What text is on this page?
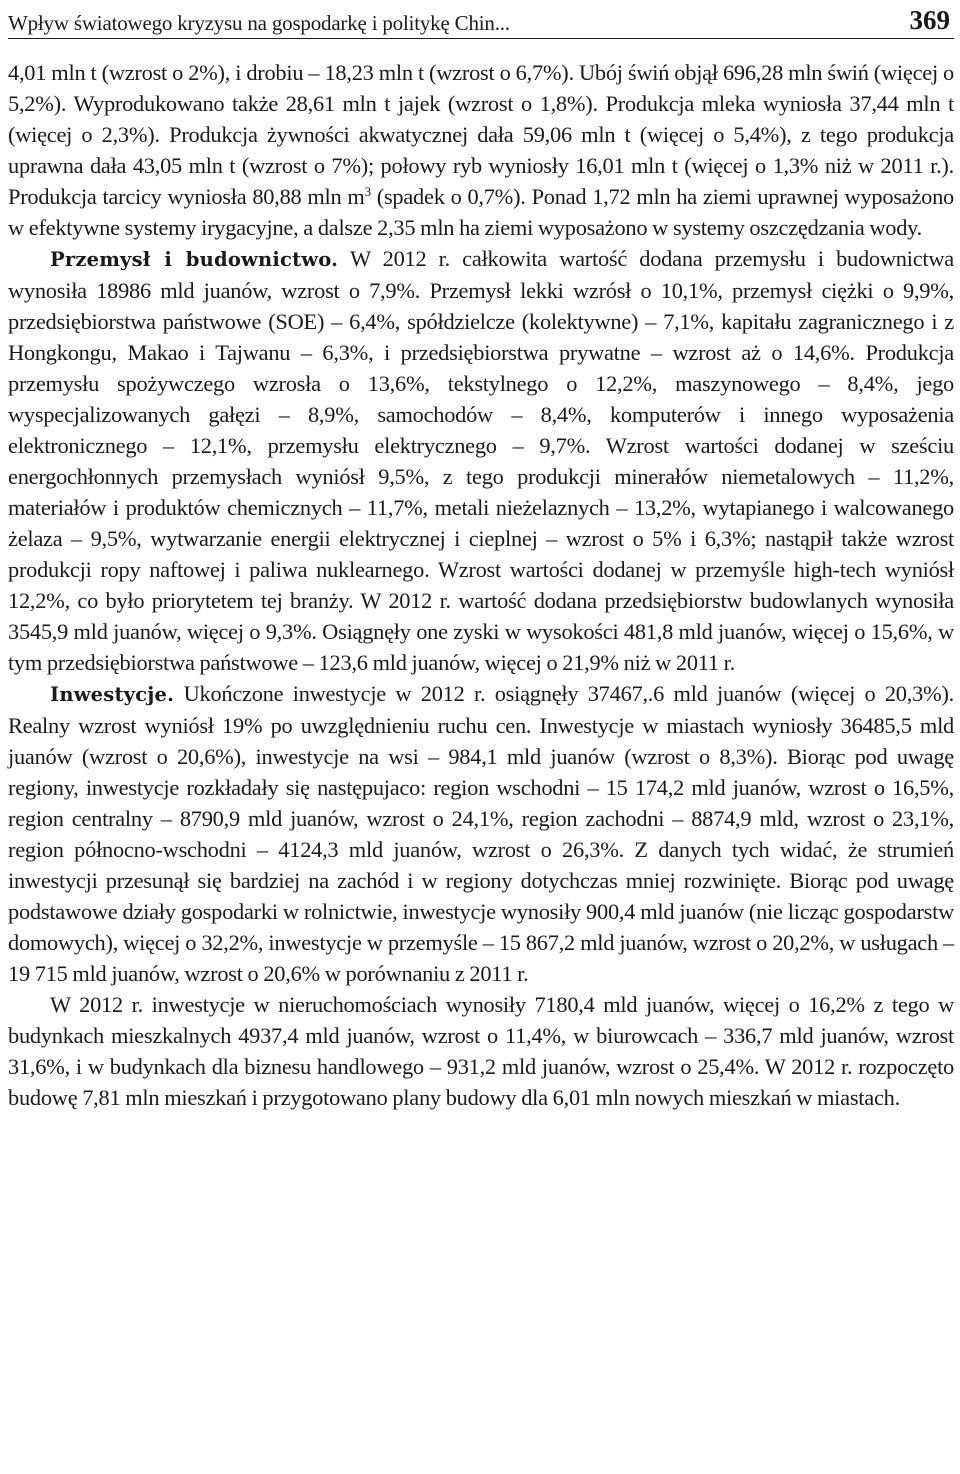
Wpływ światowego kryzysu na gospodarkę i politykę Chin...	369

4,01 mln t (wzrost o 2%), i drobiu – 18,23 mln t (wzrost o 6,7%). Ubój świń objął 696,28 mln świń (więcej o 5,2%). Wyprodukowano także 28,61 mln t jajek (wzrost o 1,8%). Produkcja mleka wyniosła 37,44 mln t (więcej o 2,3%). Produkcja żywności akwatycznej dała 59,06 mln t (więcej o 5,4%), z tego produkcja uprawna dała 43,05 mln t (wzrost o 7%); połowy ryb wyniosły 16,01 mln t (więcej o 1,3% niż w 2011 r.). Produkcja tarcicy wyniosła 80,88 mln $m^3$ (spadek o 0,7%). Ponad 1,72 mln ha ziemi uprawnej wyposażono w efektywne systemy irygacyjne, a dalsze 2,35 mln ha ziemi wyposażono w systemy oszczędzania wody.

Przemysł i budownictwo. W 2012 r. całkowita wartość dodana przemysłu i budownictwa wynosiła 18986 mld juanów, wzrost o 7,9%. Przemysł lekki wzrósł o 10,1%, przemysł ciężki o 9,9%, przedsiębiorstwa państwowe (SOE) – 6,4%, spółdzielcze (kolektywne) – 7,1%, kapitału zagranicznego i z Hongkongu, Makao i Tajwanu – 6,3%, i przedsiębiorstwa prywatne – wzrost aż o 14,6%. Produkcja przemysłu spożywczego wzrosła o 13,6%, tekstylnego o 12,2%, maszynowego – 8,4%, jego wyspecjalizowanych gałęzi – 8,9%, samochodów – 8,4%, komputerów i innego wyposażenia elektronicznego – 12,1%, przemysłu elektrycznego – 9,7%. Wzrost wartości dodanej w sześciu energochłonnych przemysłach wyniósł 9,5%, z tego produkcji minerałów niemetalowych – 11,2%, materiałów i produktów chemicznych – 11,7%, metali nieżelaznych – 13,2%, wytapianego i walcowanego żelaza – 9,5%, wytwarzanie energii elektrycznej i cieplnej – wzrost o 5% i 6,3%; nastąpił także wzrost produkcji ropy naftowej i paliwa nuklearnego. Wzrost wartości dodanej w przemyśle high-tech wyniósł 12,2%, co było priorytetem tej branży. W 2012 r. wartość dodana przedsiębiorstw budowlanych wynosiła 3545,9 mld juanów, więcej o 9,3%. Osiągnęły one zyski w wysokości 481,8 mld juanów, więcej o 15,6%, w tym przedsiębiorstwa państwowe – 123,6 mld juanów, więcej o 21,9% niż w 2011 r.

Inwestycje. Ukończone inwestycje w 2012 r. osiągnęły 37467,.6 mld juanów (więcej o 20,3%). Realny wzrost wyniósł 19% po uwzględnieniu ruchu cen. Inwestycje w miastach wyniosły 36485,5 mld juanów (wzrost o 20,6%), inwestycje na wsi – 984,1 mld juanów (wzrost o 8,3%). Biorąc pod uwagę regiony, inwestycje rozkładały się następujaco: region wschodni – 15 174,2 mld juanów, wzrost o 16,5%, region centralny – 8790,9 mld juanów, wzrost o 24,1%, region zachodni – 8874,9 mld, wzrost o 23,1%, region północno-wschodni – 4124,3 mld juanów, wzrost o 26,3%. Z danych tych widać, że strumień inwestycji przesunął się bardziej na zachód i w regiony dotychczas mniej rozwinięte. Biorąc pod uwagę podstawowe działy gospodarki w rolnictwie, inwestycje wynosiły 900,4 mld juanów (nie licząc gospodarstw domowych), więcej o 32,2%, inwestycje w przemyśle – 15 867,2 mld juanów, wzrost o 20,2%, w usługach – 19 715 mld juanów, wzrost o 20,6% w porównaniu z 2011 r.

W 2012 r. inwestycje w nieruchomościach wynosiły 7180,4 mld juanów, więcej o 16,2% z tego w budynkach mieszkalnych 4937,4 mld juanów, wzrost o 11,4%, w biurowcach – 336,7 mld juanów, wzrost 31,6%, i w budynkach dla biznesu handlowego – 931,2 mld juanów, wzrost o 25,4%. W 2012 r. rozpoczęto budowę 7,81 mln mieszkań i przygotowano plany budowy dla 6,01 mln nowych mieszkań w miastach.
